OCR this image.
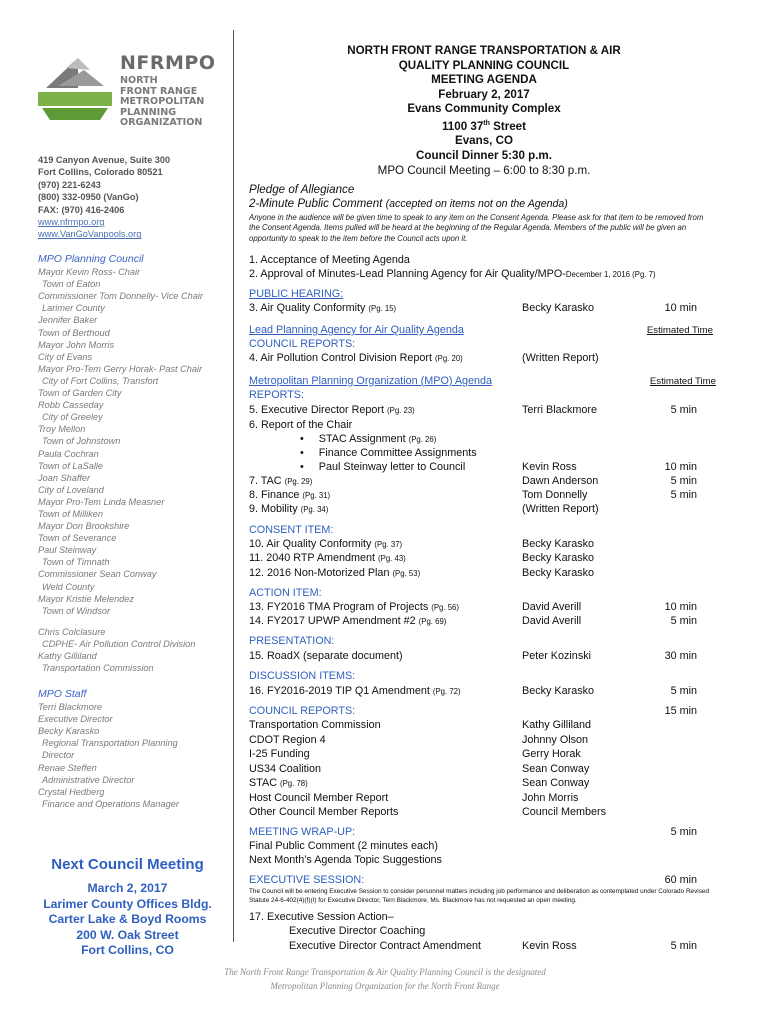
NFRMPO
NORTH
FRONT RANGE
METROPOLITAN
PLANNING
ORGANIZATION
419 Canyon Avenue, Suite 300
Fort Collins, Colorado 80521
(970) 221-6243
(800) 332-0950 (VanGo)
FAX: (970) 416-2406
www.nfrmpo.org
www.VanGoVanpools.org
MPO Planning Council
Mayor Kevin Ross- Chair
Town of Eaton
Commissioner Tom Donnelly- Vice Chair
Larimer County
Jennifer Baker
Town of Berthoud
Mayor John Morris
City of Evans
Mayor Pro-Tem Gerry Horak- Past Chair
City of Fort Collins, Transfort
Town of Garden City
Robb Casseday
City of Greeley
Troy Mellon
Town of Johnstown
Paula Cochran
Town of LaSalle
Joan Shaffer
City of Loveland
Mayor Pro-Tem Linda Measner
Town of Milliken
Mayor Don Brookshire
Town of Severance
Paul Steinway
Town of Timnath
Commissioner Sean Conway
Weld County
Mayor Kristie Melendez
Town of Windsor
Chris Colclasure
CDPHE- Air Pollution Control Division
Kathy Gilliland
Transportation Commission
MPO Staff
Terri Blackmore
Executive Director
Becky Karasko
Regional Transportation Planning
Director
Renae Steffen
Administrative Director
Crystal Hedberg
Finance and Operations Manager
Next Council Meeting
March 2, 2017
Larimer County Offices Bldg.
Carter Lake & Boyd Rooms
200 W. Oak Street
Fort Collins, CO
NORTH FRONT RANGE TRANSPORTATION & AIR
QUALITY PLANNING COUNCIL
MEETING AGENDA
February 2, 2017
Evans Community Complex
1100 37th Street
Evans, CO
Council Dinner 5:30 p.m.
MPO Council Meeting – 6:00 to 8:30 p.m.
Pledge of Allegiance
2-Minute Public Comment (accepted on items not on the Agenda)
Anyone in the audience will be given time to speak to any item on the Consent Agenda. Please ask for that item to be removed from the Consent Agenda. Items pulled will be heard at the beginning of the Regular Agenda. Members of the public will be given an opportunity to speak to the item before the Council acts upon it.
1. Acceptance of Meeting Agenda
2. Approval of Minutes-Lead Planning Agency for Air Quality/MPO-December 1, 2016 (Pg. 7)
PUBLIC HEARING:
3. Air Quality Conformity (Pg. 15)	Becky Karasko	10 min
Lead Planning Agency for Air Quality Agenda	Estimated Time
COUNCIL REPORTS:
4. Air Pollution Control Division Report (Pg. 20)	(Written Report)
Metropolitan Planning Organization (MPO) Agenda	Estimated Time
REPORTS:
5. Executive Director Report (Pg. 23)	Terri Blackmore	5 min
6. Report of the Chair
•     STAC Assignment (Pg. 26)
•     Finance Committee Assignments
•     Paul Steinway letter to Council	Kevin Ross	10 min
7. TAC (Pg. 29)	Dawn Anderson	5 min
8. Finance (Pg. 31)	Tom Donnelly	5 min
9. Mobility (Pg. 34)	(Written Report)
CONSENT ITEM:
10. Air Quality Conformity (Pg. 37)	Becky Karasko
11. 2040 RTP Amendment (Pg. 43)	Becky Karasko
12. 2016 Non-Motorized Plan (Pg. 53)	Becky Karasko
ACTION ITEM:
13. FY2016 TMA Program of Projects (Pg. 56)	David Averill	10 min
14. FY2017 UPWP Amendment #2 (Pg. 69)	David Averill	5 min
PRESENTATION:
15. RoadX (separate document)	Peter Kozinski	30 min
DISCUSSION ITEMS:
16. FY2016-2019 TIP Q1 Amendment (Pg. 72)	Becky Karasko	5 min
COUNCIL REPORTS:	15 min
Transportation Commission	Kathy Gilliland
CDOT Region 4	Johnny Olson
I-25 Funding	Gerry Horak
US34 Coalition	Sean Conway
STAC (Pg. 78)	Sean Conway
Host Council Member Report	John Morris
Other Council Member Reports	Council Members
MEETING WRAP-UP:	5 min
Final Public Comment (2 minutes each)
Next Month’s Agenda Topic Suggestions
EXECUTIVE SESSION:	60 min
The Council will be entering Executive Session to consider personnel matters including job performance and deliberation as contemplated under Colorado Revised Statute 24-6-402(4)(f)(I) for Executive Director, Terri Blackmore. Ms. Blackmore has not requested an open meeting.
17. Executive Session Action–
Executive Director Coaching
Executive Director Contract Amendment	Kevin Ross	5 min
The North Front Range Transportation & Air Quality Planning Council is the designated
Metropolitan Planning Organization for the North Front Range
